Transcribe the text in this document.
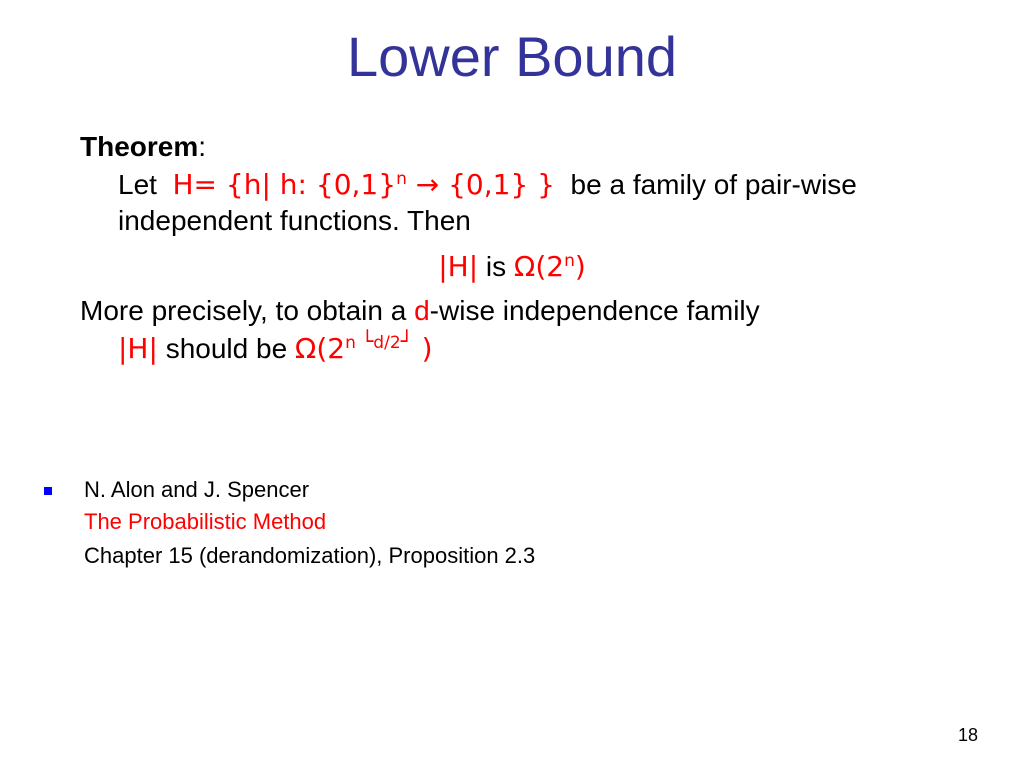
Lower Bound
Theorem:
Let H= {h| h: $\{0,1\}^n \to \{0,1\}$ } be a family of pair-wise
independent functions. Then
|H| is Ω(2$^n$)
More precisely, to obtain a d-wise independence family
|H| should be $\Omega(2^{n └d/2┘}$ )
N. Alon and J. Spencer
The Probabilistic Method
Chapter 15 (derandomization), Proposition 2.3
18
